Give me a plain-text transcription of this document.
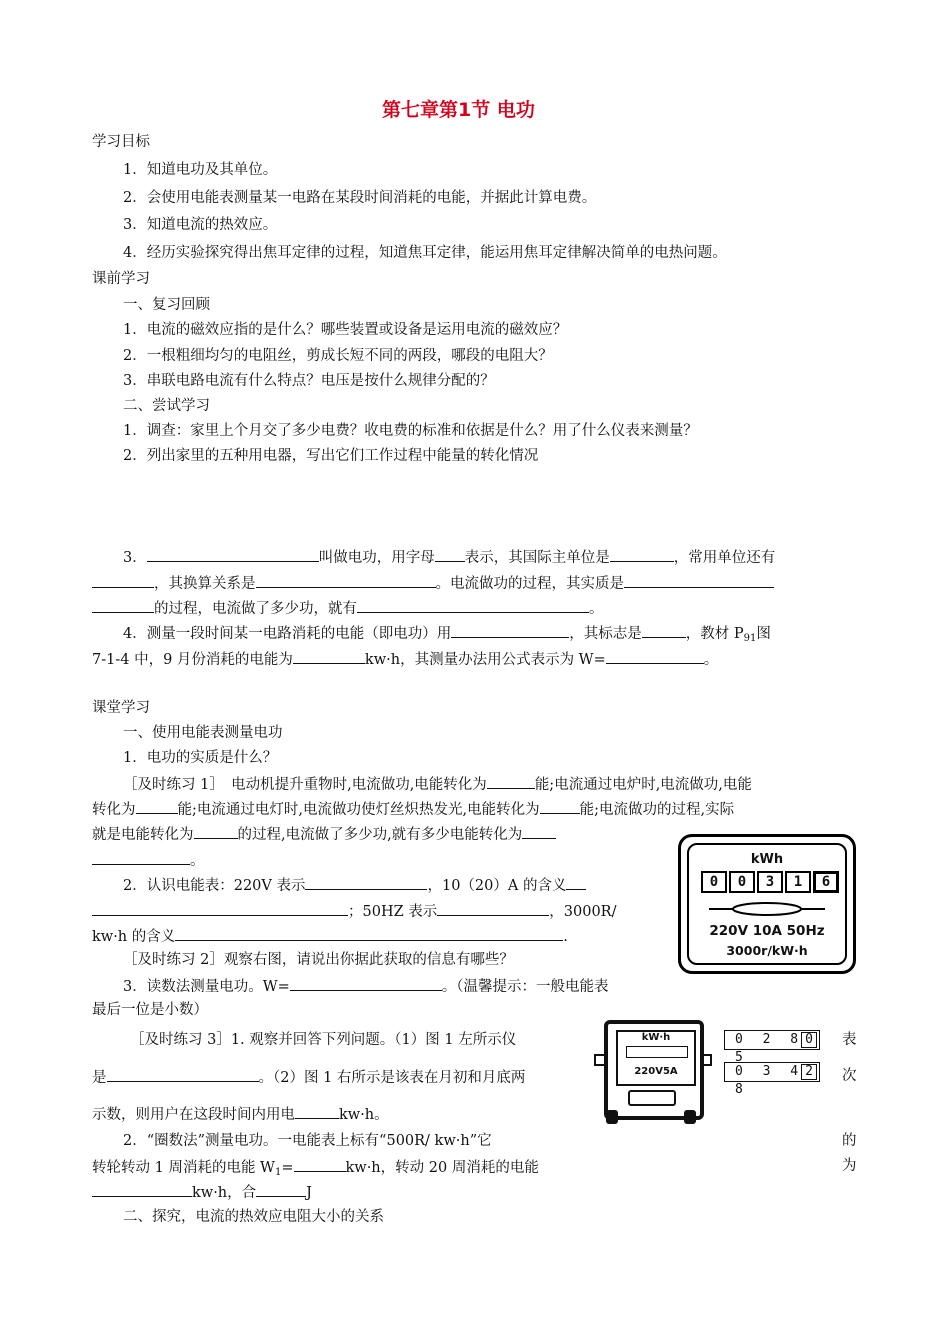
第七章第1节 电功
学习目标
1．知道电功及其单位。
2．会使用电能表测量某一电路在某段时间消耗的电能，并据此计算电费。
3．知道电流的热效应。
4．经历实验探究得出焦耳定律的过程，知道焦耳定律，能运用焦耳定律解决简单的电热问题。
课前学习
一、复习回顾
1．电流的磁效应指的是什么？哪些装置或设备是运用电流的磁效应？
2．一根粗细均匀的电阻丝，剪成长短不同的两段，哪段的电阻大？
3．串联电路电流有什么特点？电压是按什么规律分配的？
二、尝试学习
1．调查：家里上个月交了多少电费？收电费的标准和依据是什么？用了什么仪表来测量？
2．列出家里的五种用电器，写出它们工作过程中能量的转化情况
3．	叫做电功，用字母 表示，其国际主单位是	，常用单位还有
，其换算关系是	。电流做功的过程，其实质是
的过程，电流做了多少功，就有	。
4．测量一段时间某一电路消耗的电能（即电功）用	，其标志是	，教材 $P_{91}$图
7-1-4 中，9 月份消耗的电能为	kw·h，其测量办法用公式表示为 W=	。
课堂学习
一、使用电能表测量电功
1．电功的实质是什么？
［及时练习 1］　电动机提升重物时,电流做功,电能转化为	能;电流通过电炉时,电流做功,电能
转化为	能;电流通过电灯时,电流做功使灯丝炽热发光,电能转化为	能;电流做功的过程,实际
就是电能转化为	的过程,电流做了多少功,就有多少电能转化为
。
2．认识电能表：220V 表示	，10（20）A 的含义
；50HZ 表示	，3000R/
kw·h 的含义	.
［及时练习 2］观察右图，请说出你据此获取的信息有哪些？
3．读数法测量电功。W=	。（温馨提示：一般电能表
最后一位是小数）
［及时练习 3］1. 观察并回答下列问题。（1）图 1 左所示仪	表
是	。（2）图 1 右所示是该表在月初和月底两	次
示数，则用户在这段时间内用电	kw·h。
2．“圈数法”测量电功。一电能表上标有“500R/ kw·h”它	的
转轮转动 1 周消耗的电能 $W_1=$	kw·h，转动 20 周消耗的电能	为
kw·h，合	J
二、探究，电流的热效应电阻大小的关系
kWh
0	0	3	1	6
220V 10A 50Hz
3000r/kW·h
kW·h
220V5A
0 2 8 5
0
0 3 4 8
2
